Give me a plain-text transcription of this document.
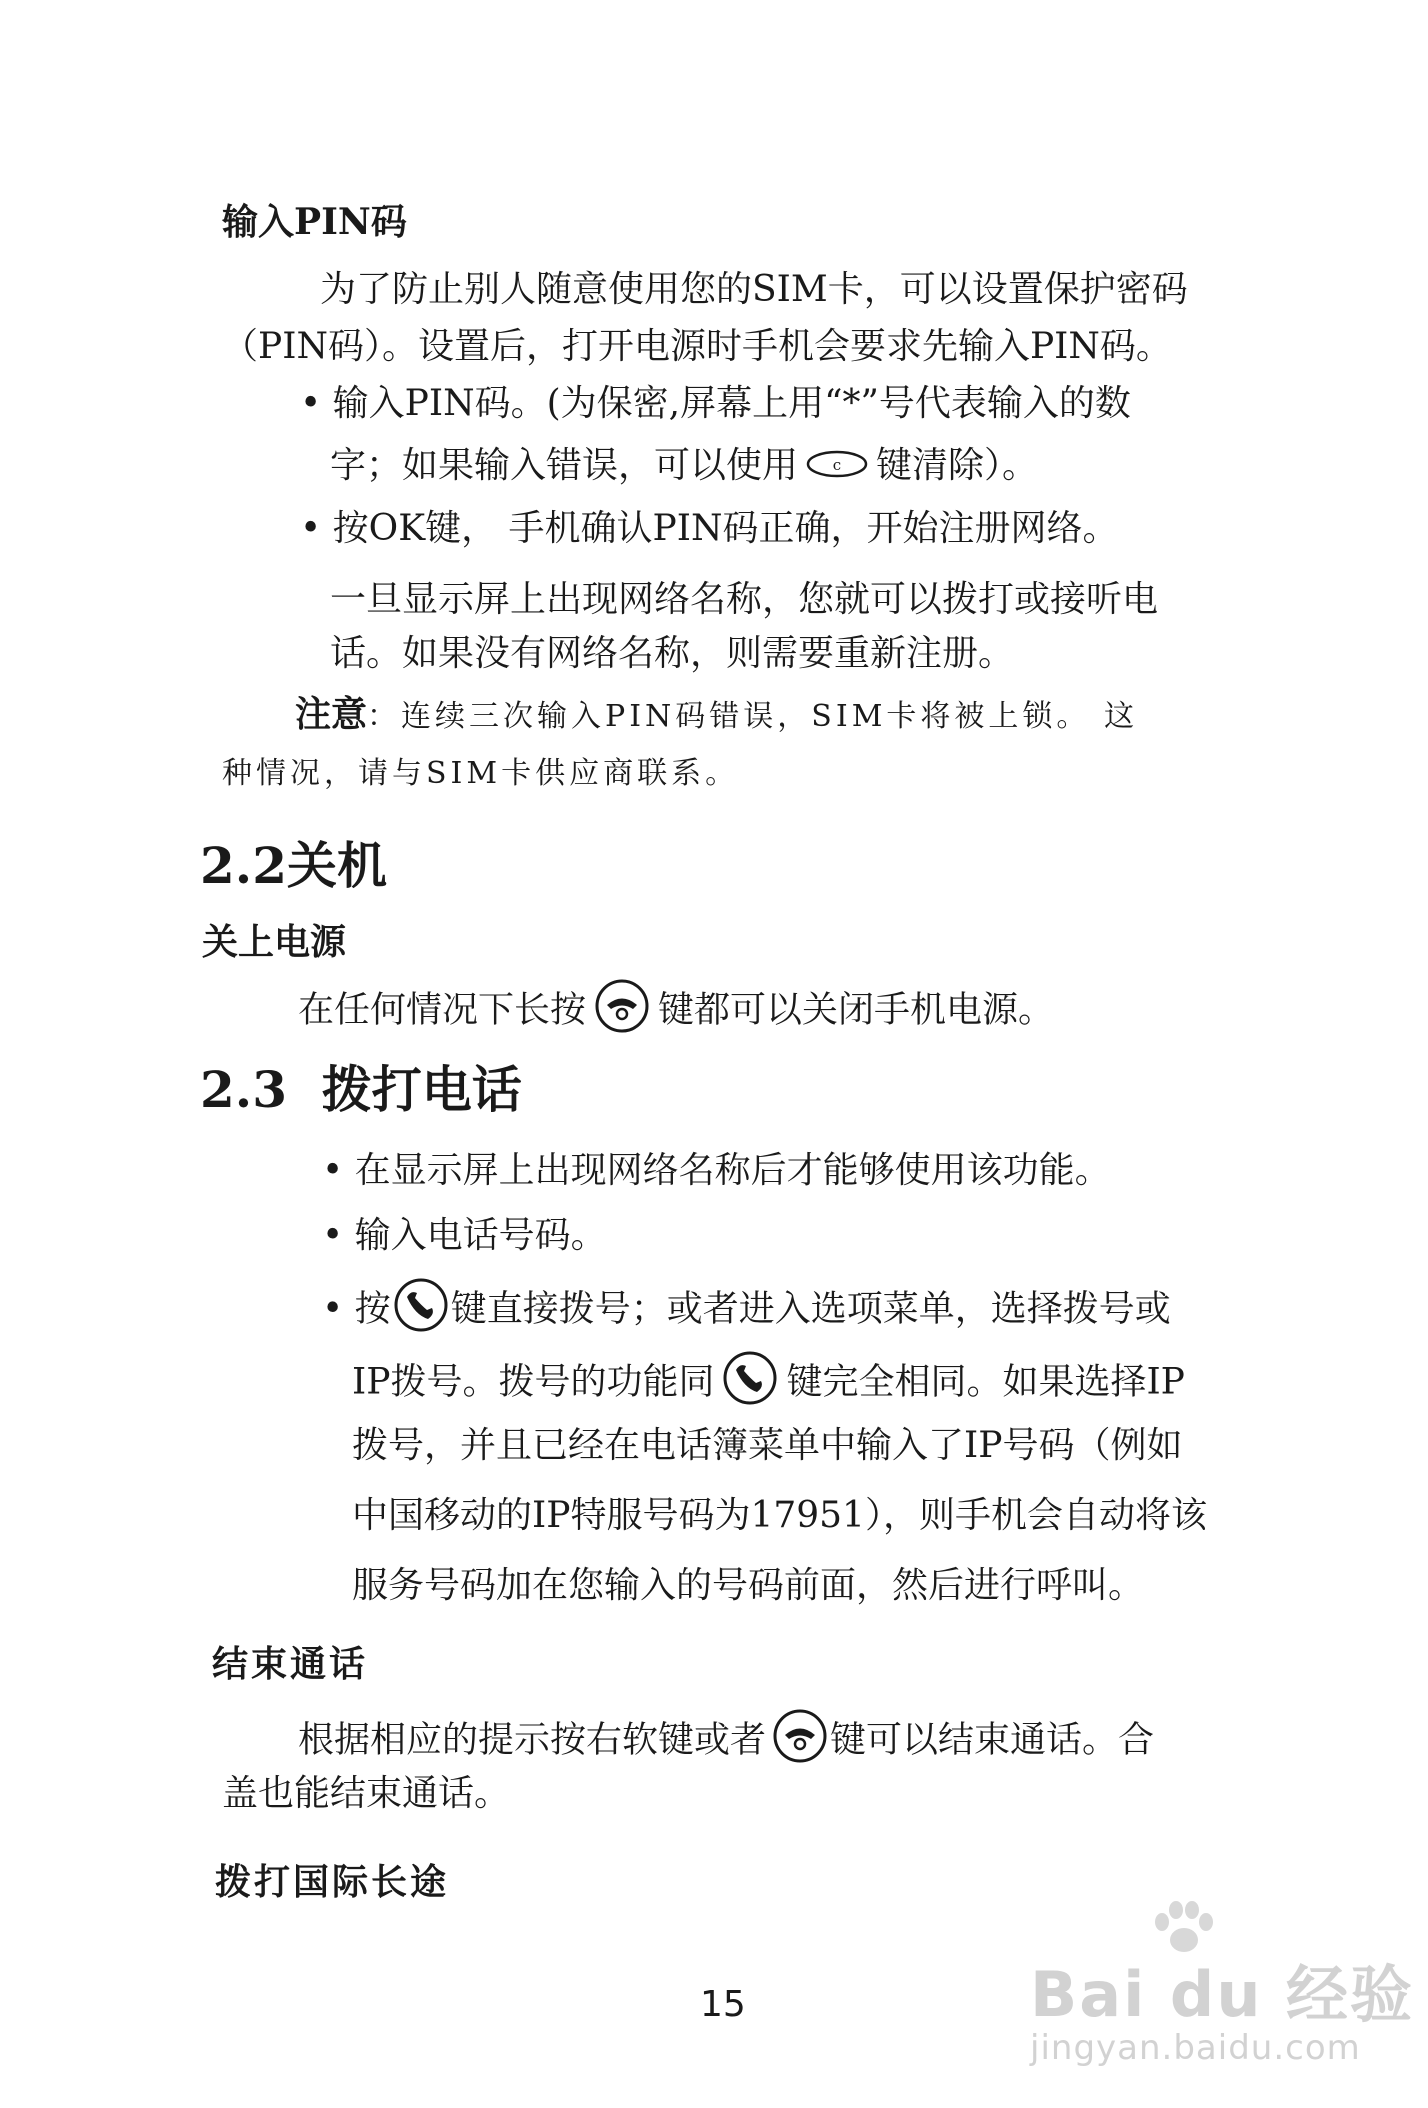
输入PIN码
为了防止别人随意使用您的SIM卡，可以设置保护密码
（PIN码）。设置后，打开电源时手机会要求先输入PIN码。
• 输入PIN码。(为保密,屏幕上用“*”号代表输入的数
字；如果输入错误，可以使用 c 键清除）。
• 按OK键， 手机确认PIN码正确，开始注册网络。
一旦显示屏上出现网络名称，您就可以拨打或接听电
话。如果没有网络名称，则需要重新注册。
注意：连续三次输入PIN码错误，SIM卡将被上锁。 这
种情况，请与SIM卡供应商联系。
2.2关机
关上电源
在任何情况下长按 键都可以关闭手机电源。
2.3  拨打电话
• 在显示屏上出现网络名称后才能够使用该功能。
• 输入电话号码。
• 按 键直接拨号；或者进入选项菜单，选择拨号或
IP拨号。拨号的功能同 键完全相同。如果选择IP
拨号，并且已经在电话簿菜单中输入了IP号码（例如
中国移动的IP特服号码为17951），则手机会自动将该
服务号码加在您输入的号码前面，然后进行呼叫。
结束通话
根据相应的提示按右软键或者 键可以结束通话。合
盖也能结束通话。
拨打国际长途
15	Bai du 经验
jingyan.baidu.com
